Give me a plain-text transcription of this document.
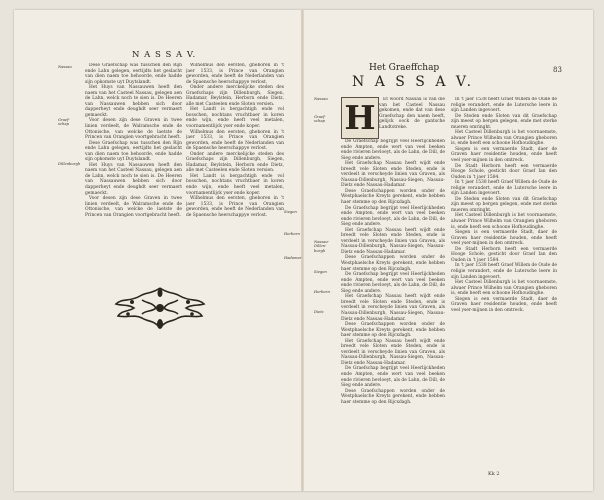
N A S S A V.
Nassau
Graef-schap
Dillenburgh

Dese Graefschap was tusschen den Rijn ende Lahn gelegen, eertijdts het geslacht van dien naem toe behoorde, ende hadde sijn opkomste uyt Duytslandt.

Het Huys van Nassauwen heeft den naem van het Casteel Nassau, gelegen aen de Lahn, welck noch te sien is. De Heeren van Nassauwen hebben sich door dapperheyt ende deughdt seer vermaert gemaeckt.

Voor desen zijn dese Graven in twee linien verdeelt, de Walramsche ende de Ottonische, van welcke de laetste de Princen van Orangien voortgebracht heeft.

Dese Graefschap was tusschen den Rijn ende Lahn gelegen, eertijdts het geslacht van dien naem toe behoorde, ende hadde sijn opkomste uyt Duytslandt.

Het Huys van Nassauwen heeft den naem van het Casteel Nassau, gelegen aen de Lahn, welck noch te sien is. De Heeren van Nassauwen hebben sich door dapperheyt ende deughdt seer vermaert gemaeckt.

Voor desen zijn dese Graven in twee linien verdeelt, de Walramsche ende de Ottonische, van welcke de laetste de Princen van Orangien voortgebracht heeft.

Wilhelmus den eersten, gheboren in 't jaer 1533, is Prince van Orangien geworden, ende heeft de Nederlanden van de Spaensche heerschappye verlost.

Onder andere merckelijcke steden des Graefschaps zijn Dillenburgh, Siegen, Hadamar, Beylstein, Herborn ende Dietz, alle met Casteelen ende Sloten versien.

Het Landt is bergachtigh ende vol bosschen, nochtans vruchtbaer in koren ende wijn, ende heeft veel metalen, voornamentlijck yser ende koper.

Wilhelmus den eersten, gheboren in 't jaer 1533, is Prince van Orangien geworden, ende heeft de Nederlanden van de Spaensche heerschappye verlost.

Onder andere merckelijcke steden des Graefschaps zijn Dillenburgh, Siegen, Hadamar, Beylstein, Herborn ende Dietz, alle met Casteelen ende Sloten versien.

Het Landt is bergachtigh ende vol bosschen, nochtans vruchtbaer in koren ende wijn, ende heeft veel metalen, voornamentlijck yser ende koper.

Wilhelmus den eersten, gheboren in 't jaer 1533, is Prince van Orangien geworden, ende heeft de Nederlanden van de Spaensche heerschappye verlost.

Siegen
Herborn
Hadamar
83
Het Graeffchap
N A S S A V.
H
Nassau
Graef-schap
Nassau-Dillen-burgh
Siegen
Herborn
Dietz

Et woord Nassau is van die van het Casteel Nassau gekomen, ende dat van dese Graefschap den naem heeft, gelijck oock de gantsche Landtstreke.

De Graefschap begrijpt veel Heerlijckheden ende Ampten, ende wert van veel beeken ende rivieren bevloeyt, als de Lahn, de Dill, de Sieg ende andere.

Het Graefschap Nassau heeft wijdt ende breedt vele Sloten ende Steden, ende is verdeelt in verscheyde linien van Graven, als Nassau-Dillenburgh, Nassau-Siegen, Nassau-Dietz ende Nassau-Hadamar.

Dese Graefschappen worden onder de Westphaelsche Kreyts gerekent, ende hebben haer stemme op den Rijcxdagh.

De Graefschap begrijpt veel Heerlijckheden ende Ampten, ende wert van veel beeken ende rivieren bevloeyt, als de Lahn, de Dill, de Sieg ende andere.

Het Graefschap Nassau heeft wijdt ende breedt vele Sloten ende Steden, ende is verdeelt in verscheyde linien van Graven, als Nassau-Dillenburgh, Nassau-Siegen, Nassau-Dietz ende Nassau-Hadamar.

Dese Graefschappen worden onder de Westphaelsche Kreyts gerekent, ende hebben haer stemme op den Rijcxdagh.

De Graefschap begrijpt veel Heerlijckheden ende Ampten, ende wert van veel beeken ende rivieren bevloeyt, als de Lahn, de Dill, de Sieg ende andere.

Het Graefschap Nassau heeft wijdt ende breedt vele Sloten ende Steden, ende is verdeelt in verscheyde linien van Graven, als Nassau-Dillenburgh, Nassau-Siegen, Nassau-Dietz ende Nassau-Hadamar.

Dese Graefschappen worden onder de Westphaelsche Kreyts gerekent, ende hebben haer stemme op den Rijcxdagh.

Het Graefschap Nassau heeft wijdt ende breedt vele Sloten ende Steden, ende is verdeelt in verscheyde linien van Graven, als Nassau-Dillenburgh, Nassau-Siegen, Nassau-Dietz ende Nassau-Hadamar.

De Graefschap begrijpt veel Heerlijckheden ende Ampten, ende wert van veel beeken ende rivieren bevloeyt, als de Lahn, de Dill, de Sieg ende andere.

Dese Graefschappen worden onder de Westphaelsche Kreyts gerekent, ende hebben haer stemme op den Rijcxdagh.

In 't jaer 1538 heeft Graef Willem de Oude de religie verandert, ende de Lutersche leere in sijn Landen ingevoert.

De Steden ende Sloten van dit Graefschap zijn meest op bergen gelegen, ende met sterke mueren omringht.

Het Casteel Dillenburgh is het voornaemste, alwaer Prince Wilhelm van Orangien gheboren is, ende heeft een schoone Hofhoudinghe.

Siegen is een vermaerde Stadt, daer de Graven haer residentie houden, ende heeft veel yser-mijnen in den omtreck.

De Stadt Herborn heeft een vermaerde Hooge Schole, gesticht door Graef Ian den Ouden in 't jaer 1584.

In 't jaer 1538 heeft Graef Willem de Oude de religie verandert, ende de Lutersche leere in sijn Landen ingevoert.

De Steden ende Sloten van dit Graefschap zijn meest op bergen gelegen, ende met sterke mueren omringht.

Het Casteel Dillenburgh is het voornaemste, alwaer Prince Wilhelm van Orangien gheboren is, ende heeft een schoone Hofhoudinghe.

Siegen is een vermaerde Stadt, daer de Graven haer residentie houden, ende heeft veel yser-mijnen in den omtreck.

De Stadt Herborn heeft een vermaerde Hooge Schole, gesticht door Graef Ian den Ouden in 't jaer 1584.

In 't jaer 1538 heeft Graef Willem de Oude de religie verandert, ende de Lutersche leere in sijn Landen ingevoert.

Het Casteel Dillenburgh is het voornaemste, alwaer Prince Wilhelm van Orangien gheboren is, ende heeft een schoone Hofhoudinghe.

Siegen is een vermaerde Stadt, daer de Graven haer residentie houden, ende heeft veel yser-mijnen in den omtreck.

Kk 2
